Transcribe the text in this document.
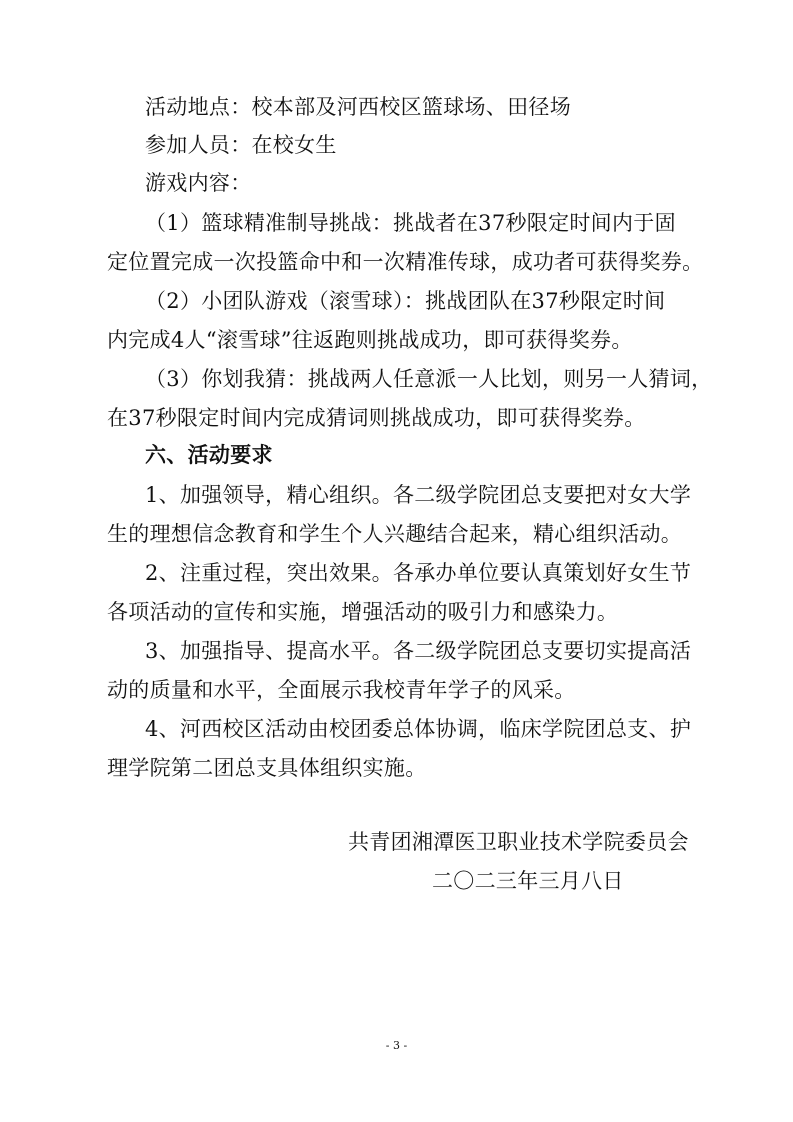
活动地点：校本部及河西校区篮球场、田径场
参加人员：在校女生
游戏内容：
（1）篮球精准制导挑战：挑战者在37秒限定时间内于固
定位置完成一次投篮命中和一次精准传球，成功者可获得奖券。
（2）小团队游戏（滚雪球）：挑战团队在37秒限定时间
内完成4人“滚雪球”往返跑则挑战成功，即可获得奖券。
（3）你划我猜：挑战两人任意派一人比划，则另一人猜词，
在37秒限定时间内完成猜词则挑战成功，即可获得奖券。
六、活动要求
1、加强领导，精心组织。各二级学院团总支要把对女大学
生的理想信念教育和学生个人兴趣结合起来，精心组织活动。
2、注重过程，突出效果。各承办单位要认真策划好女生节
各项活动的宣传和实施，增强活动的吸引力和感染力。
3、加强指导、提高水平。各二级学院团总支要切实提高活
动的质量和水平，全面展示我校青年学子的风采。
4、河西校区活动由校团委总体协调，临床学院团总支、护
理学院第二团总支具体组织实施。
共青团湘潭医卫职业技术学院委员会
二〇二三年三月八日
- 3 -
